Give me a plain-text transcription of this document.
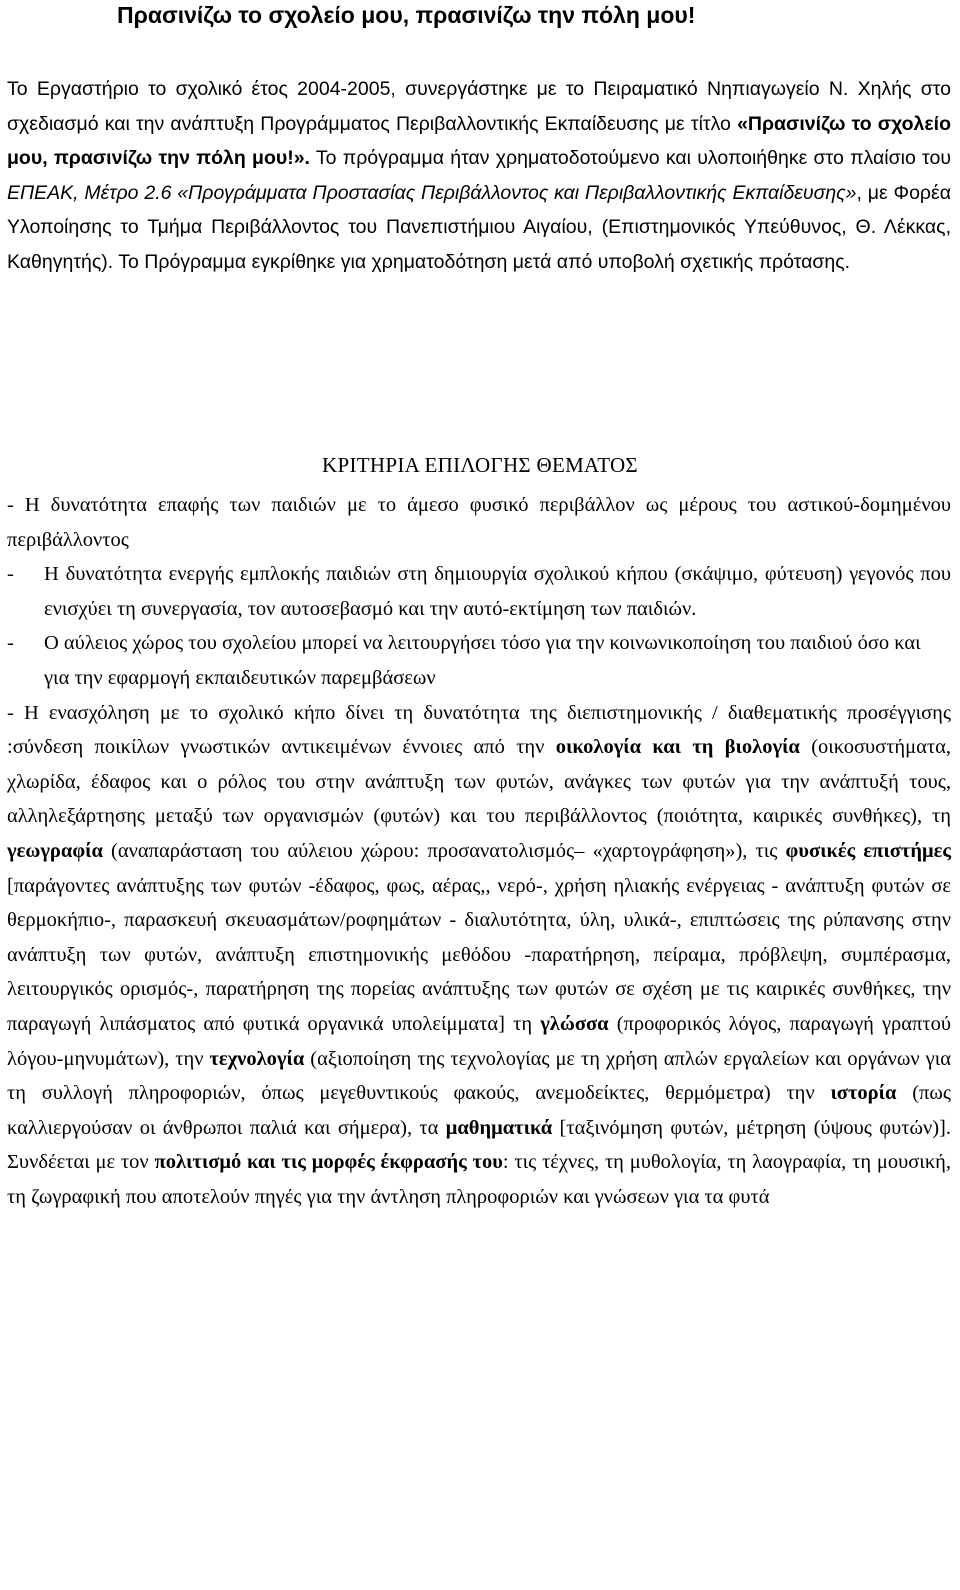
Πρασινίζω το σχολείο μου, πρασινίζω την πόλη μου!

Το Εργαστήριο το σχολικό έτος 2004-2005, συνεργάστηκε με το Πειραματικό Νηπιαγωγείο Ν. Χηλής στο σχεδιασμό και την ανάπτυξη Προγράμματος Περιβαλλοντικής Εκπαίδευσης με τίτλο «Πρασινίζω το σχολείο μου, πρασινίζω την πόλη μου!». Το πρόγραμμα ήταν χρηματοδοτούμενο και υλοποιήθηκε στο πλαίσιο του ΕΠΕΑΚ, Μέτρο 2.6 «Προγράμματα Προστασίας Περιβάλλοντος και Περιβαλλοντικής Εκπαίδευσης», με Φορέα Υλοποίησης το Τμήμα Περιβάλλοντος του Πανεπιστήμιου Αιγαίου, (Επιστημονικός Υπεύθυνος, Θ. Λέκκας, Καθηγητής). Το Πρόγραμμα εγκρίθηκε για χρηματοδότηση μετά από υποβολή σχετικής πρότασης.

ΚΡΙΤΗΡΙΑ ΕΠΙΛΟΓΗΣ ΘΕΜΑΤΟΣ

- Η δυνατότητα επαφής των παιδιών με το άμεσο φυσικό περιβάλλον ως μέρους του αστικού-δομημένου περιβάλλοντος

- Η δυνατότητα ενεργής εμπλοκής παιδιών στη δημιουργία σχολικού κήπου (σκάψιμο, φύτευση) γεγονός που ενισχύει τη συνεργασία, τον αυτοσεβασμό και την αυτό-εκτίμηση των παιδιών.

- Ο αύλειος χώρος του σχολείου μπορεί να λειτουργήσει τόσο για την κοινωνικοποίηση του παιδιού όσο και για την εφαρμογή εκπαιδευτικών παρεμβάσεων

- Η ενασχόληση με το σχολικό κήπο δίνει τη δυνατότητα της διεπιστημονικής / διαθεματικής προσέγγισης :σύνδεση ποικίλων γνωστικών αντικειμένων έννοιες από την οικολογία και τη βιολογία (οικοσυστήματα, χλωρίδα, έδαφος και ο ρόλος του στην ανάπτυξη των φυτών, ανάγκες των φυτών για την ανάπτυξή τους, αλληλεξάρτησης μεταξύ των οργανισμών (φυτών) και του περιβάλλοντος (ποιότητα, καιρικές συνθήκες), τη γεωγραφία (αναπαράσταση του αύλειου χώρου: προσανατολισμός– «χαρτογράφηση»), τις φυσικές επιστήμες [παράγοντες ανάπτυξης των φυτών -έδαφος, φως, αέρας,, νερό-, χρήση ηλιακής ενέργειας - ανάπτυξη φυτών σε θερμοκήπιο-, παρασκευή σκευασμάτων/ροφημάτων - διαλυτότητα, ύλη, υλικά-, επιπτώσεις της ρύπανσης στην ανάπτυξη των φυτών, ανάπτυξη επιστημονικής μεθόδου -παρατήρηση, πείραμα, πρόβλεψη, συμπέρασμα, λειτουργικός ορισμός-, παρατήρηση της πορείας ανάπτυξης των φυτών σε σχέση με τις καιρικές συνθήκες, την παραγωγή λιπάσματος από φυτικά οργανικά υπολείμματα] τη γλώσσα (προφορικός λόγος, παραγωγή γραπτού λόγου-μηνυμάτων), την τεχνολογία (αξιοποίηση της τεχνολογίας με τη χρήση απλών εργαλείων και οργάνων για τη συλλογή πληροφοριών, όπως μεγεθυντικούς φακούς, ανεμοδείκτες, θερμόμετρα) την ιστορία (πως καλλιεργούσαν οι άνθρωποι παλιά και σήμερα), τα μαθηματικά [ταξινόμηση φυτών, μέτρηση (ύψους φυτών)]. Συνδέεται με τον πολιτισμό και τις μορφές έκφρασής του: τις τέχνες, τη μυθολογία, τη λαογραφία, τη μουσική, τη ζωγραφική που αποτελούν πηγές για την άντληση πληροφοριών και γνώσεων για τα φυτά
